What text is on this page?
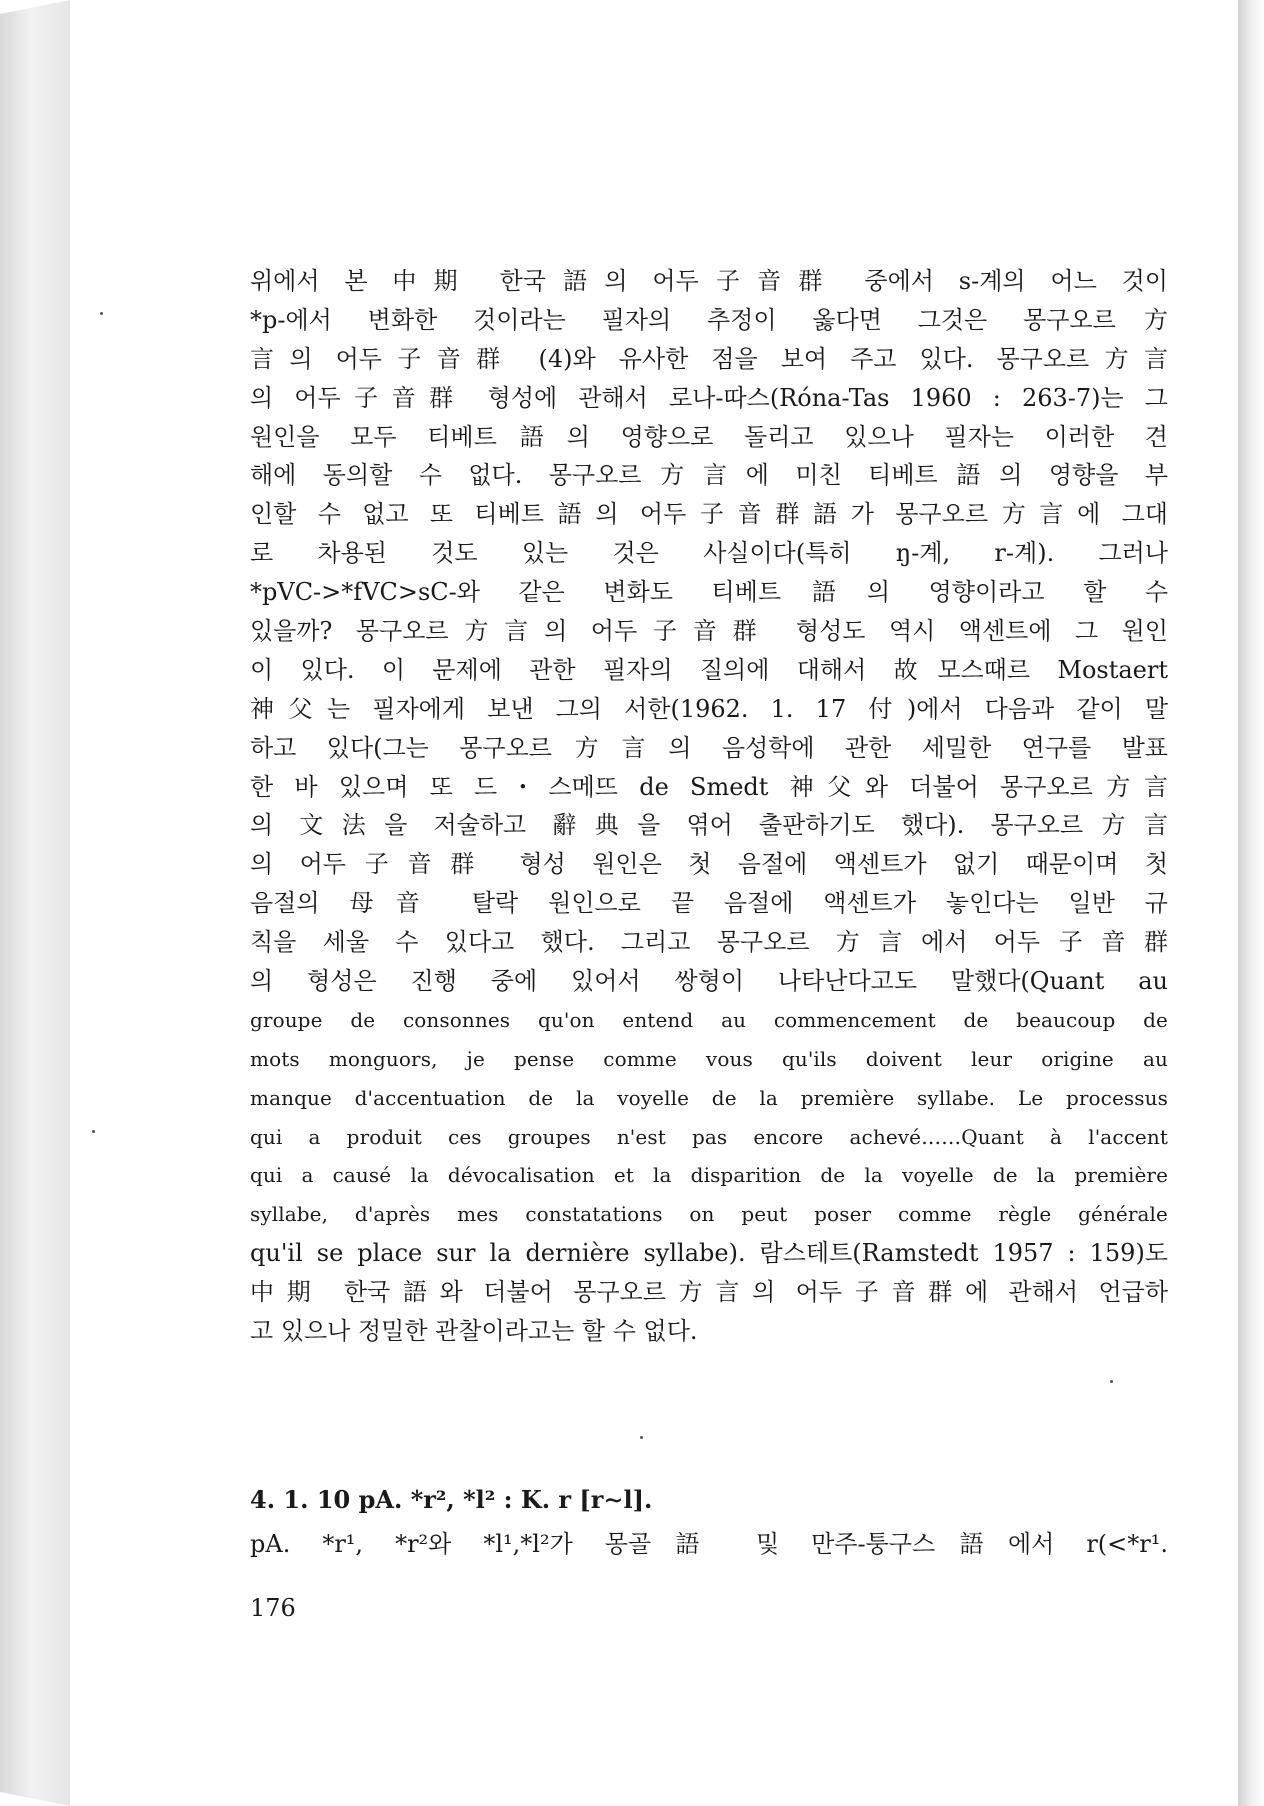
위에서 본 中期 한국語의 어두子音群 중에서 s-계의 어느 것이
*p-에서 변화한 것이라는 필자의 추정이 옳다면 그것은 몽구오르方
言의 어두子音群 (4)와 유사한 점을 보여 주고 있다. 몽구오르方言
의 어두子音群 형성에 관해서 로나-따스(Róna-Tas 1960 : 263-7)는 그
원인을 모두 티베트語의 영향으로 돌리고 있으나 필자는 이러한 견
해에 동의할 수 없다. 몽구오르方言에 미친 티베트語의 영향을 부
인할 수 없고 또 티베트語의 어두子音群語가 몽구오르方言에 그대
로 차용된 것도 있는 것은 사실이다(특히 ŋ-계, r-계). 그러나
*pVC->*fVC>sC-와 같은 변화도 티베트語의 영향이라고 할 수
있을까? 몽구오르方言의 어두子音群 형성도 역시 액센트에 그 원인
이 있다. 이 문제에 관한 필자의 질의에 대해서 故모스때르 Mostaert
神父는 필자에게 보낸 그의 서한(1962. 1. 17 付)에서 다음과 같이 말
하고 있다(그는 몽구오르方言의 음성학에 관한 세밀한 연구를 발표
한 바 있으며 또 드・스메뜨 de Smedt 神父와 더불어 몽구오르方言
의 文法을 저술하고 辭典을 엮어 출판하기도 했다). 몽구오르方言
의 어두子音群 형성 원인은 첫 음절에 액센트가 없기 때문이며 첫
음절의 母音 탈락 원인으로 끝 음절에 액센트가 놓인다는 일반 규
칙을 세울 수 있다고 했다. 그리고 몽구오르 方言에서 어두子音群
의 형성은 진행 중에 있어서 쌍형이 나타난다고도 말했다(Quant au
groupe de consonnes qu'on entend au commencement de beaucoup de
mots monguors, je pense comme vous qu'ils doivent leur origine au
manque d'accentuation de la voyelle de la première syllabe. Le processus
qui a produit ces groupes n'est pas encore achevé……Quant à l'accent
qui a causé la dévocalisation et la disparition de la voyelle de la première
syllabe, d'après mes constatations on peut poser comme règle générale
qu'il se place sur la dernière syllabe). 람스테트(Ramstedt 1957 : 159)도
中期 한국語와 더불어 몽구오르方言의 어두子音群에 관해서 언급하
고 있으나 정밀한 관찰이라고는 할 수 없다.

4. 1. 10 pA. *r², *l² : K. r [r∼l].

pA. *r¹, *r²와 *l¹,*l²가 몽골語 및 만주-퉁구스語에서 r(<*r¹.

176
